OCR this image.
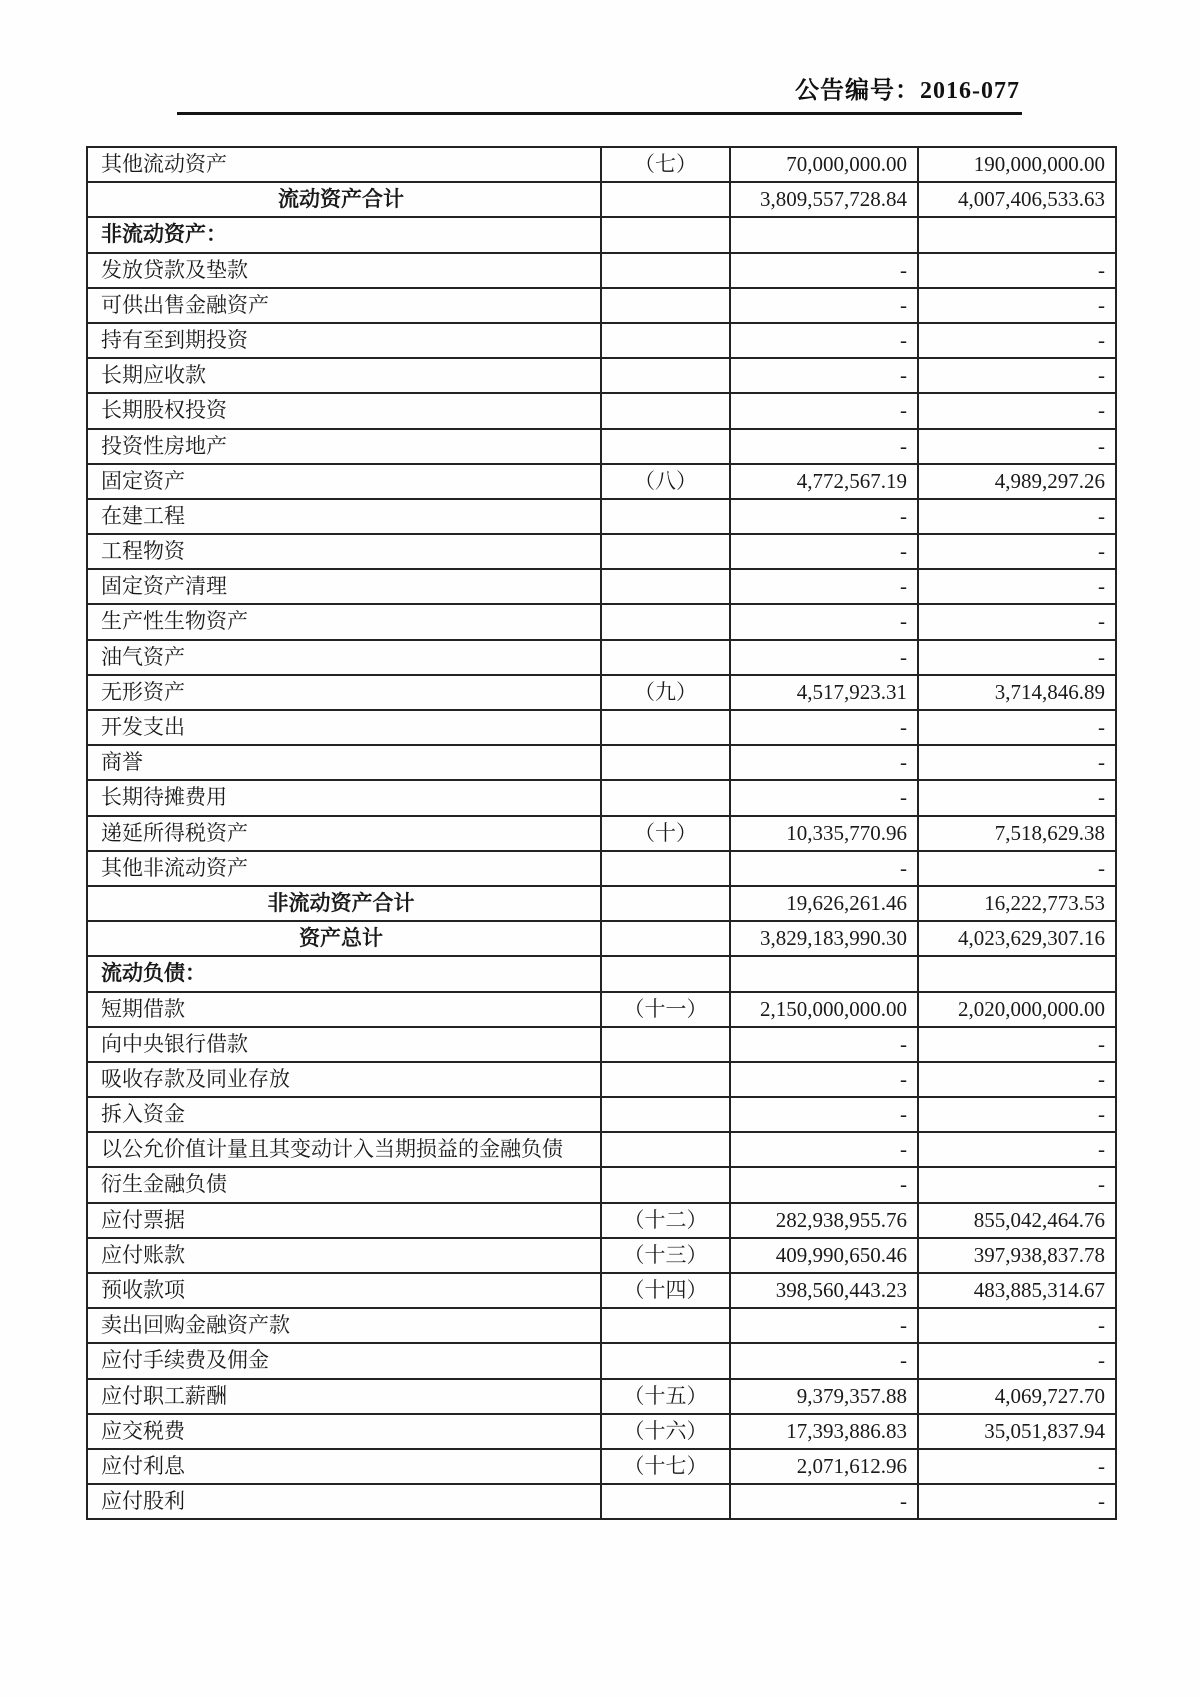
公告编号：2016-077
其他流动资产	（七）	70,000,000.00	190,000,000.00
流动资产合计		3,809,557,728.84	4,007,406,533.63
非流动资产：			
发放贷款及垫款		-	-
可供出售金融资产		-	-
持有至到期投资		-	-
长期应收款		-	-
长期股权投资		-	-
投资性房地产		-	-
固定资产	（八）	4,772,567.19	4,989,297.26
在建工程		-	-
工程物资		-	-
固定资产清理		-	-
生产性生物资产		-	-
油气资产		-	-
无形资产	（九）	4,517,923.31	3,714,846.89
开发支出		-	-
商誉		-	-
长期待摊费用		-	-
递延所得税资产	（十）	10,335,770.96	7,518,629.38
其他非流动资产		-	-
非流动资产合计		19,626,261.46	16,222,773.53
资产总计		3,829,183,990.30	4,023,629,307.16
流动负债：			
短期借款	（十一）	2,150,000,000.00	2,020,000,000.00
向中央银行借款		-	-
吸收存款及同业存放		-	-
拆入资金		-	-
以公允价值计量且其变动计入当期损益的金融负债		-	-
衍生金融负债		-	-
应付票据	（十二）	282,938,955.76	855,042,464.76
应付账款	（十三）	409,990,650.46	397,938,837.78
预收款项	（十四）	398,560,443.23	483,885,314.67
卖出回购金融资产款		-	-
应付手续费及佣金		-	-
应付职工薪酬	（十五）	9,379,357.88	4,069,727.70
应交税费	（十六）	17,393,886.83	35,051,837.94
应付利息	（十七）	2,071,612.96	-
应付股利		-	-
